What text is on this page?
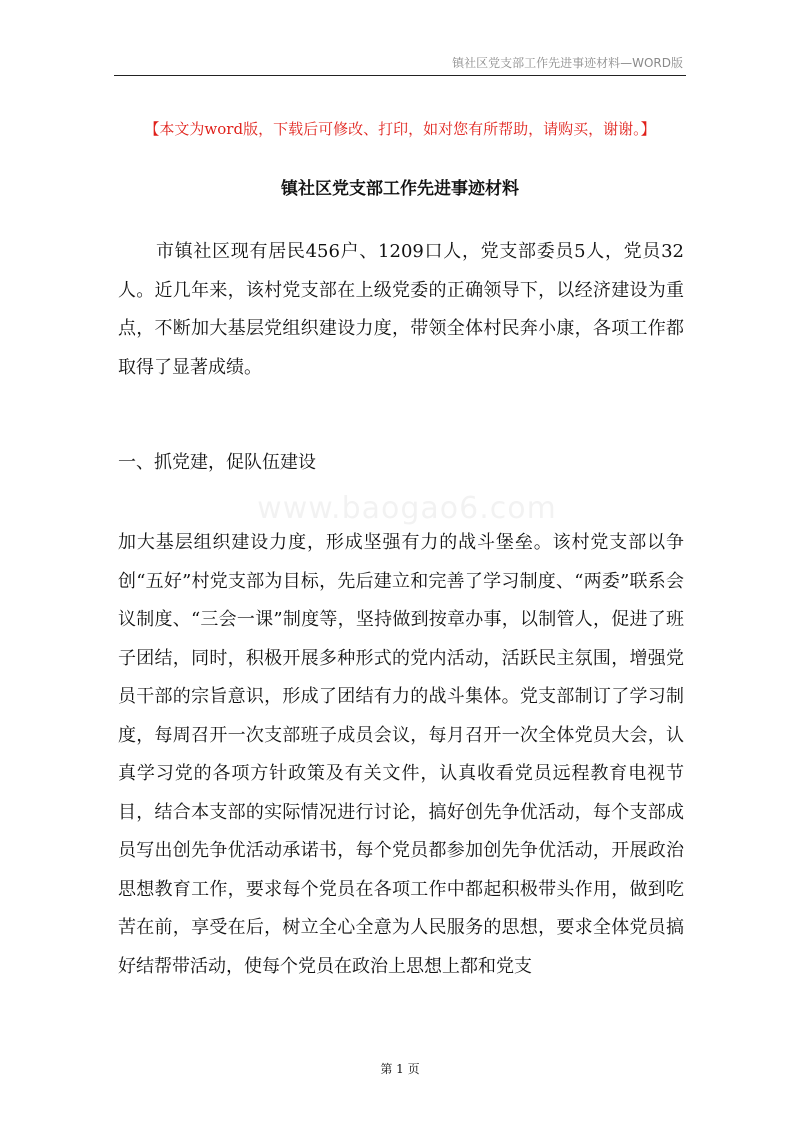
镇社区党支部工作先进事迹材料—WORD版
【本文为word版，下载后可修改、打印，如对您有所帮助，请购买，谢谢。】
镇社区党支部工作先进事迹材料
市镇社区现有居民456户、1209口人，党支部委员5人，党员32人。近几年来，该村党支部在上级党委的正确领导下，以经济建设为重点，不断加大基层党组织建设力度，带领全体村民奔小康，各项工作都取得了显著成绩。
一、抓党建，促队伍建设
www.baogao6.com
加大基层组织建设力度，形成坚强有力的战斗堡垒。该村党支部以争创“五好”村党支部为目标，先后建立和完善了学习制度、“两委”联系会议制度、“三会一课”制度等，坚持做到按章办事，以制管人，促进了班子团结，同时，积极开展多种形式的党内活动，活跃民主氛围，增强党员干部的宗旨意识，形成了团结有力的战斗集体。党支部制订了学习制度，每周召开一次支部班子成员会议，每月召开一次全体党员大会，认真学习党的各项方针政策及有关文件，认真收看党员远程教育电视节目，结合本支部的实际情况进行讨论，搞好创先争优活动，每个支部成员写出创先争优活动承诺书，每个党员都参加创先争优活动，开展政治思想教育工作，要求每个党员在各项工作中都起积极带头作用，做到吃苦在前，享受在后，树立全心全意为人民服务的思想，要求全体党员搞好结帮带活动，使每个党员在政治上思想上都和党支
第 1 页
